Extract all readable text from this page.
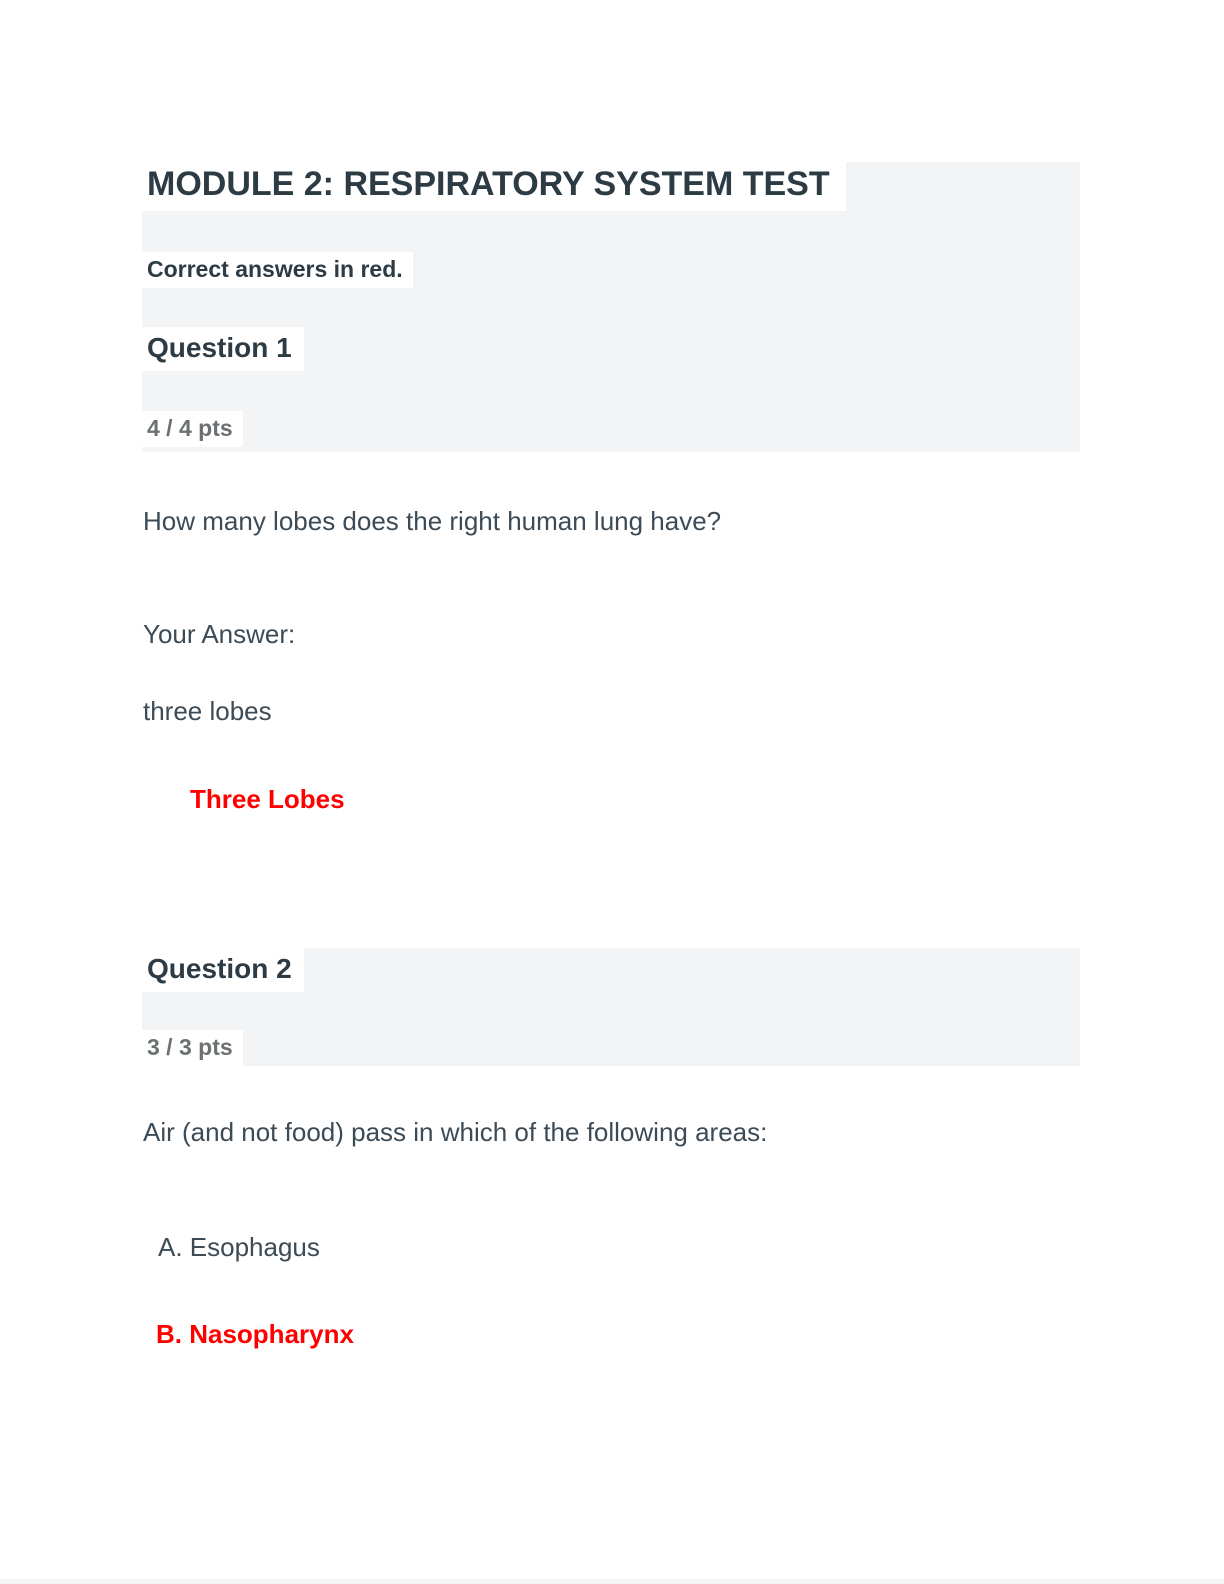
MODULE 2: RESPIRATORY SYSTEM TEST
Correct answers in red.
Question 1
4 / 4 pts
How many lobes does the right human lung have?
Your Answer:
three lobes
Three Lobes
Question 2
3 / 3 pts
Air (and not food) pass in which of the following areas:
A. Esophagus
B. Nasopharynx
